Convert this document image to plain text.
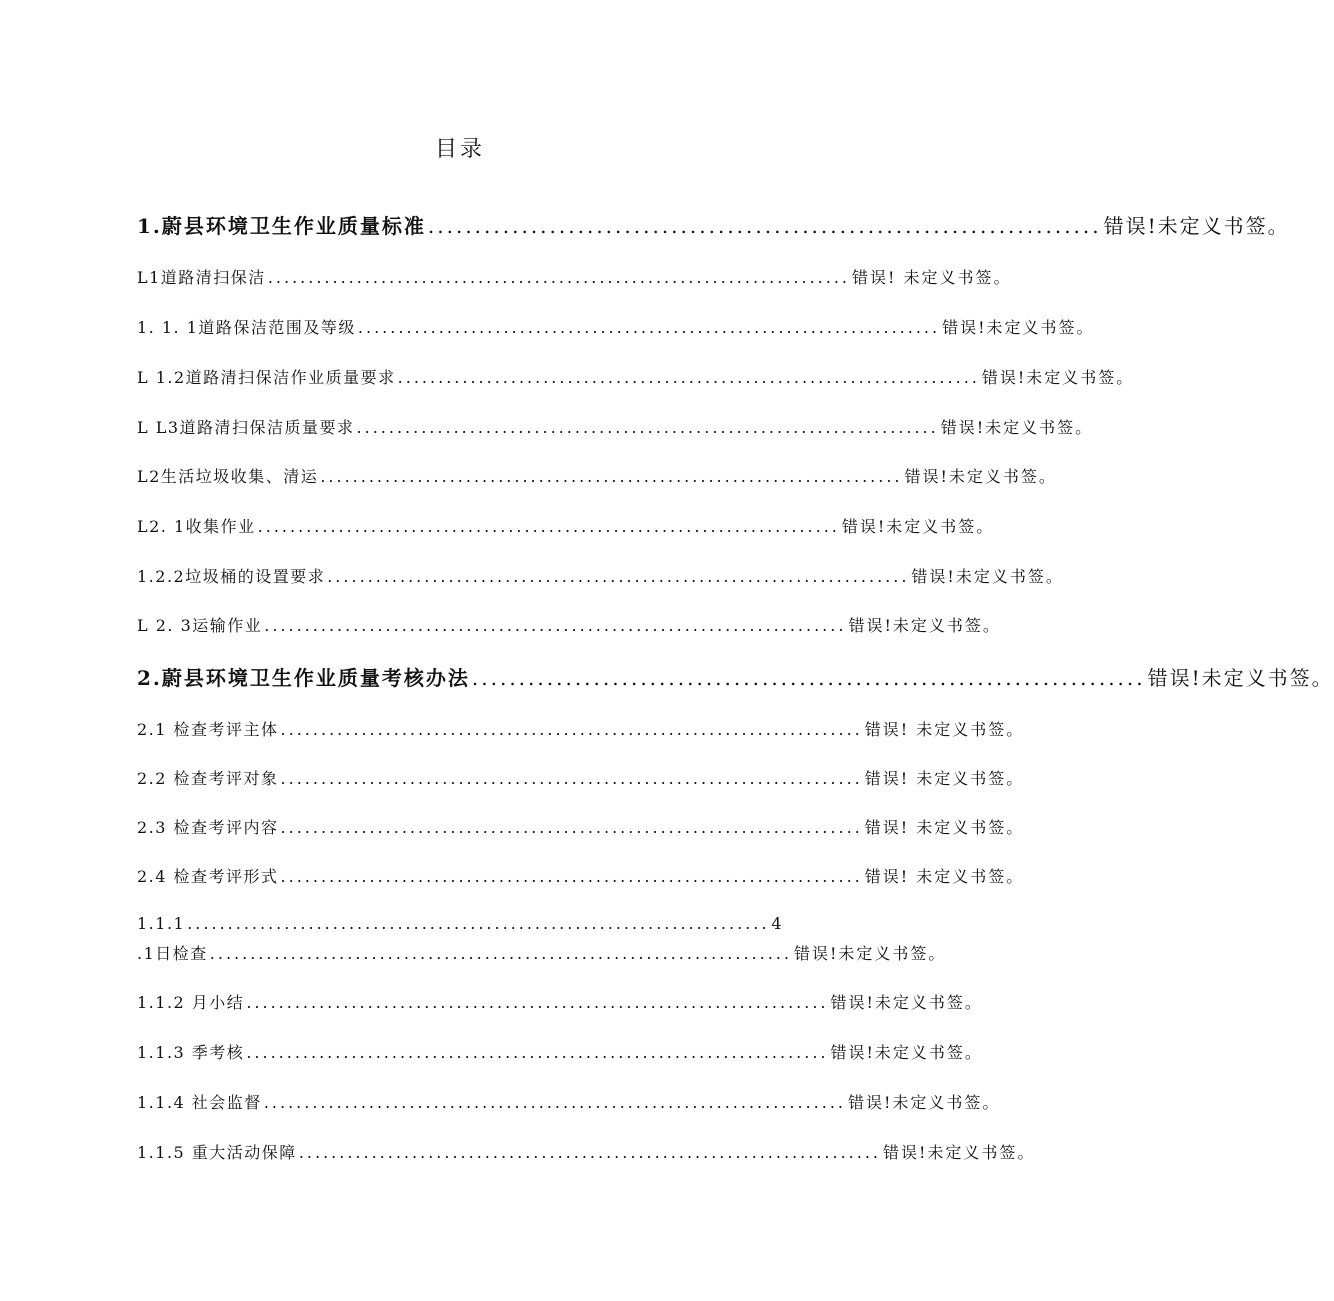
目录
1.蔚县环境卫生作业质量标准 ........................................................................ 错误!未定义书签。
L1道路清扫保洁 ........................................................................ 错误! 未定义书签。
1. 1. 1道路保洁范围及等级 ........................................................................ 错误!未定义书签。
L 1.2道路清扫保洁作业质量要求 ........................................................................ 错误!未定义书签。
L L3道路清扫保洁质量要求 ........................................................................ 错误!未定义书签。
L2生活垃圾收集、清运 ........................................................................ 错误!未定义书签。
L2. 1收集作业 ........................................................................ 错误!未定义书签。
1.2.2垃圾桶的设置要求 ........................................................................ 错误!未定义书签。
L 2. 3运输作业 ........................................................................ 错误!未定义书签。
2.蔚县环境卫生作业质量考核办法 ........................................................................ 错误!未定义书签。
2.1 检查考评主体 ........................................................................ 错误! 未定义书签。
2.2 检查考评对象 ........................................................................ 错误! 未定义书签。
2.3 检查考评内容 ........................................................................ 错误! 未定义书签。
2.4 检查考评形式 ........................................................................ 错误! 未定义书签。
1.1.1 ........................................................................ 4
.1日检查 ........................................................................ 错误!未定义书签。
1.1.2 月小结 ........................................................................ 错误!未定义书签。
1.1.3 季考核 ........................................................................ 错误!未定义书签。
1.1.4 社会监督 ........................................................................ 错误!未定义书签。
1.1.5 重大活动保障 ........................................................................ 错误!未定义书签。
